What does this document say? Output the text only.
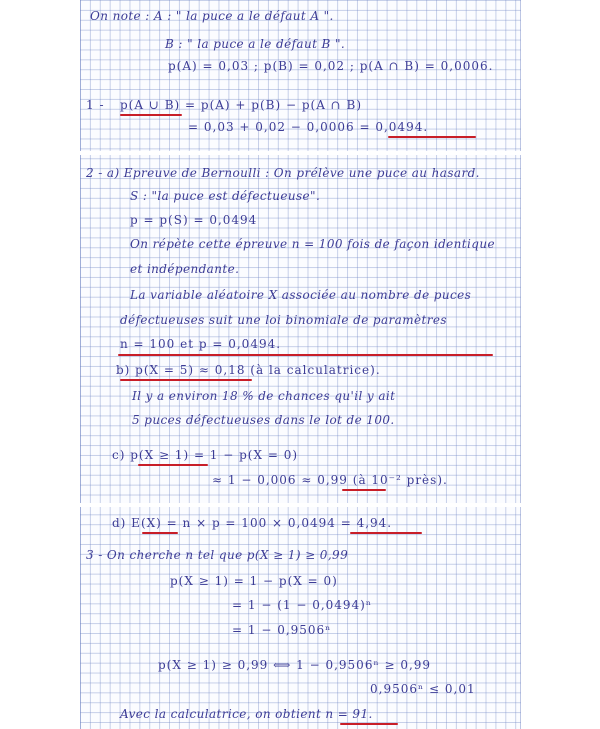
On note : A : " la puce a le défaut A ".

B : " la puce a le défaut B ".

p(A) = 0,03 ; p(B) = 0,02 ; p(A ∩ B) = 0,0006.

1 - p(A ∪ B) = p(A) + p(B) − p(A ∩ B)

= 0,03 + 0,02 − 0,0006 = 0,0494.

2 - a) Epreuve de Bernoulli : On prélève une puce au hasard.

S : "la puce est défectueuse".

p = p(S) = 0,0494

On répète cette épreuve n = 100 fois de façon identique

et indépendante.

La variable aléatoire X associée au nombre de puces

défectueuses suit une loi binomiale de paramètres

n = 100 et p = 0,0494.

b) p(X = 5) ≈ 0,18 (à la calculatrice).

Il y a environ 18 % de chances qu'il y ait

5 puces défectueuses dans le lot de 100.

c) p(X ≥ 1) = 1 − p(X = 0)

≈ 1 − 0,006 ≈ 0,99 (à 10⁻² près).

d) E(X) = n × p = 100 × 0,0494 = 4,94.

3 - On cherche n tel que p(X ≥ 1) ≥ 0,99

p(X ≥ 1) = 1 − p(X = 0)

= 1 − (1 − 0,0494)ⁿ

= 1 − 0,9506ⁿ

p(X ≥ 1) ≥ 0,99 ⟺ 1 − 0,9506ⁿ ≥ 0,99

0,9506ⁿ ≤ 0,01

Avec la calculatrice, on obtient n = 91.
